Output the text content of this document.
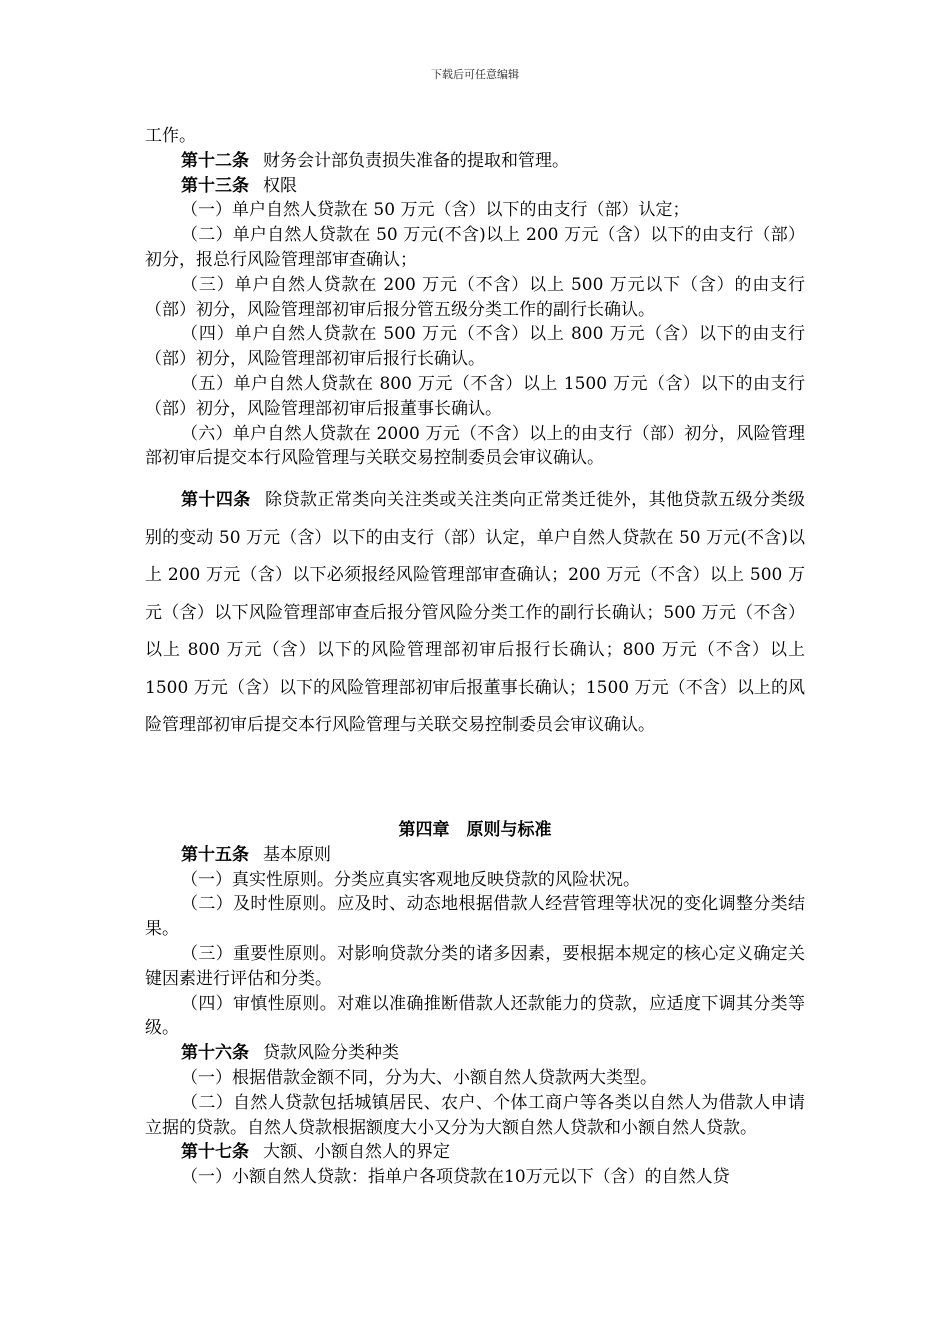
下载后可任意编辑

工作。

第十二条 财务会计部负责损失准备的提取和管理。

第十三条 权限

（一）单户自然人贷款在 50 万元（含）以下的由支行（部）认定；

（二）单户自然人贷款在 50 万元(不含)以上 200 万元（含）以下的由支行（部）初分，报总行风险管理部审查确认；

（三）单户自然人贷款在 200 万元（不含）以上 500 万元以下（含）的由支行（部）初分，风险管理部初审后报分管五级分类工作的副行长确认。

（四）单户自然人贷款在 500 万元（不含）以上 800 万元（含）以下的由支行（部）初分，风险管理部初审后报行长确认。

（五）单户自然人贷款在 800 万元（不含）以上 1500 万元（含）以下的由支行（部）初分，风险管理部初审后报董事长确认。

（六）单户自然人贷款在 2000 万元（不含）以上的由支行（部）初分，风险管理部初审后提交本行风险管理与关联交易控制委员会审议确认。

第十四条 除贷款正常类向关注类或关注类向正常类迁徙外，其他贷款五级分类级别的变动 50 万元（含）以下的由支行（部）认定，单户自然人贷款在 50 万元(不含)以上 200 万元（含）以下必须报经风险管理部审查确认；200 万元（不含）以上 500 万元（含）以下风险管理部审查后报分管风险分类工作的副行长确认；500 万元（不含）以上 800 万元（含）以下的风险管理部初审后报行长确认；800 万元（不含）以上 1500 万元（含）以下的风险管理部初审后报董事长确认；1500 万元（不含）以上的风险管理部初审后提交本行风险管理与关联交易控制委员会审议确认。

第四章　原则与标准

第十五条 基本原则

（一）真实性原则。分类应真实客观地反映贷款的风险状况。

（二）及时性原则。应及时、动态地根据借款人经营管理等状况的变化调整分类结果。

（三）重要性原则。对影响贷款分类的诸多因素，要根据本规定的核心定义确定关键因素进行评估和分类。

（四）审慎性原则。对难以准确推断借款人还款能力的贷款，应适度下调其分类等级。

第十六条 贷款风险分类种类

（一）根据借款金额不同，分为大、小额自然人贷款两大类型。

（二）自然人贷款包括城镇居民、农户、个体工商户等各类以自然人为借款人申请立据的贷款。自然人贷款根据额度大小又分为大额自然人贷款和小额自然人贷款。

第十七条 大额、小额自然人的界定

（一）小额自然人贷款：指单户各项贷款在10万元以下（含）的自然人贷
